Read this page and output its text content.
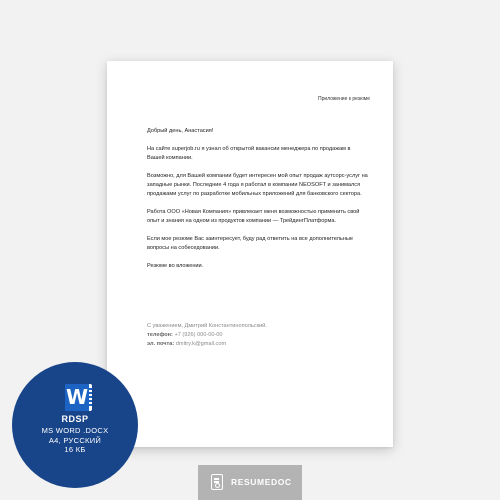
Приложение к резюме

Добрый день, Анастасия!

На сайте superjob.ru я узнал об открытой вакансии менеджера по продажам в Вашей компании.

Возможно, для Вашей компании будет интересен мой опыт продаж аутсорс-услуг на западные рынки. Последние 4 года я работал в компании NEOSOFT и занимался продажами услуг по разработке мобильных приложений для банковского сектора.

Работа ООО «Новая Компания» привлекает меня возможностью применить свой опыт и знания на одном из продуктов компании — ТрейдингПлатформа.

Если мое резюме Вас заинтересует, буду рад ответить на все дополнительные вопросы на собеседовании.

Резюме во вложении.

С уважением, Дмитрий Константинопольский.
телефон: +7 (926) 000-00-00
эл. почта: dmitry.k@gmail.com
W
RDSP
MS WORD .DOCX
A4, РУССКИЙ
16 КБ
RESUMEDOC
